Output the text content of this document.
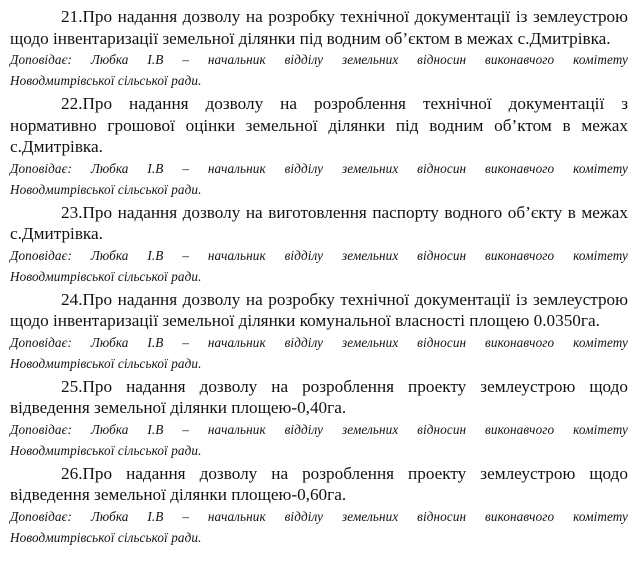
21.Про надання дозволу на розробку технічної документації із землеустрою щодо інвентаризації земельної ділянки під водним об’єктом в межах с.Дмитрівка.

Доповідає: Любка І.В – начальник відділу земельних відносин виконавчого комітету
Новодмитрівської сільської ради.

22.Про надання дозволу на розроблення технічної документації з нормативно грошової оцінки земельної ділянки під водним об’ктом в межах с.Дмитрівка.

Доповідає: Любка І.В – начальник відділу земельних відносин виконавчого комітету
Новодмитрівської сільської ради.

23.Про надання дозволу на виготовлення паспорту водного об’єкту в межах с.Дмитрівка.

Доповідає: Любка І.В – начальник відділу земельних відносин виконавчого комітету
Новодмитрівської сільської ради.

24.Про надання дозволу на розробку технічної документації із землеустрою щодо інвентаризації земельної ділянки комунальної власності площею 0.0350га.

Доповідає: Любка І.В – начальник відділу земельних відносин виконавчого комітету
Новодмитрівської сільської ради.

25.Про надання дозволу на розроблення проекту землеустрою щодо відведення земельної ділянки площею-0,40га.

Доповідає: Любка І.В – начальник відділу земельних відносин виконавчого комітету
Новодмитрівської сільської ради.

26.Про надання дозволу на розроблення проекту землеустрою щодо відведення земельної ділянки площею-0,60га.

Доповідає: Любка І.В – начальник відділу земельних відносин виконавчого комітету
Новодмитрівської сільської ради.
